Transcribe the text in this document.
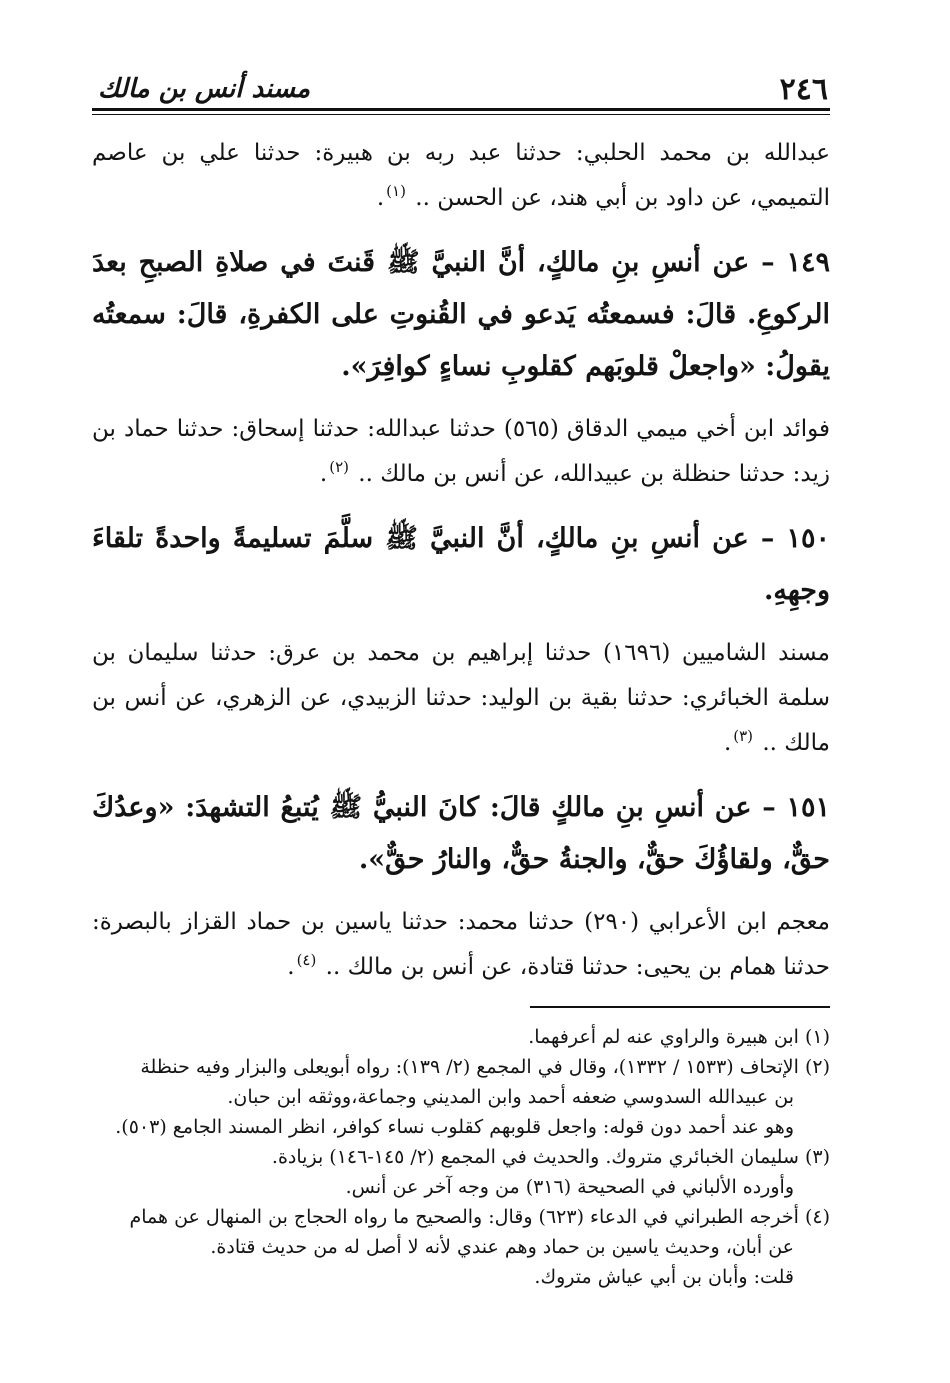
٢٤٦
مسند أنس بن مالك

عبدالله بن محمد الحلبي: حدثنا عبد ربه بن هبيرة: حدثنا علي بن عاصم التميمي، عن داود بن أبي هند، عن الحسن .. $^{(١)}$.

١٤٩ – عن أنسِ بنِ مالكٍ، أنَّ النبيَّ ﷺ قَنتَ في صلاةِ الصبحِ بعدَ الركوعِ. قالَ: فسمعتُه يَدعو في القُنوتِ على الكفرةِ، قالَ: سمعتُه يقولُ: «واجعلْ قلوبَهم كقلوبِ نساءٍ كوافِرَ».

فوائد ابن أخي ميمي الدقاق (٥٦٥) حدثنا عبدالله: حدثنا إسحاق: حدثنا حماد بن زيد: حدثنا حنظلة بن عبيدالله، عن أنس بن مالك .. $^{(٢)}$.

١٥٠ – عن أنسِ بنِ مالكٍ، أنَّ النبيَّ ﷺ سلَّمَ تسليمةً واحدةً تلقاءَ وجهِهِ.

مسند الشاميين (١٦٩٦) حدثنا إبراهيم بن محمد بن عرق: حدثنا سليمان بن سلمة الخبائري: حدثنا بقية بن الوليد: حدثنا الزبيدي، عن الزهري، عن أنس بن مالك .. $^{(٣)}$.

١٥١ – عن أنسِ بنِ مالكٍ قالَ: كانَ النبيُّ ﷺ يُتبعُ التشهدَ: «وعدُكَ حقٌّ، ولقاؤُكَ حقٌّ، والجنةُ حقٌّ، والنارُ حقٌّ».

معجم ابن الأعرابي (٢٩٠) حدثنا محمد: حدثنا ياسين بن حماد القزاز بالبصرة: حدثنا همام بن يحيى: حدثنا قتادة، عن أنس بن مالك .. $^{(٤)}$.

(١) ابن هبيرة والراوي عنه لم أعرفهما.

(٢) الإتحاف (١٥٣٣ / ١٣٣٢)، وقال في المجمع (٢/ ١٣٩): رواه أبويعلى والبزار وفيه حنظلة

بن عبيدالله السدوسي ضعفه أحمد وابن المديني وجماعة،ووثقه ابن حبان.

وهو عند أحمد دون قوله: واجعل قلوبهم كقلوب نساء كوافر، انظر المسند الجامع (٥٠٣).

(٣) سليمان الخبائري متروك. والحديث في المجمع (٢/ ١٤٥-١٤٦) بزيادة.

وأورده الألباني في الصحيحة (٣١٦) من وجه آخر عن أنس.

(٤) أخرجه الطبراني في الدعاء (٦٢٣) وقال: والصحيح ما رواه الحجاج بن المنهال عن همام

عن أبان، وحديث ياسين بن حماد وهم عندي لأنه لا أصل له من حديث قتادة.

قلت: وأبان بن أبي عياش متروك.
